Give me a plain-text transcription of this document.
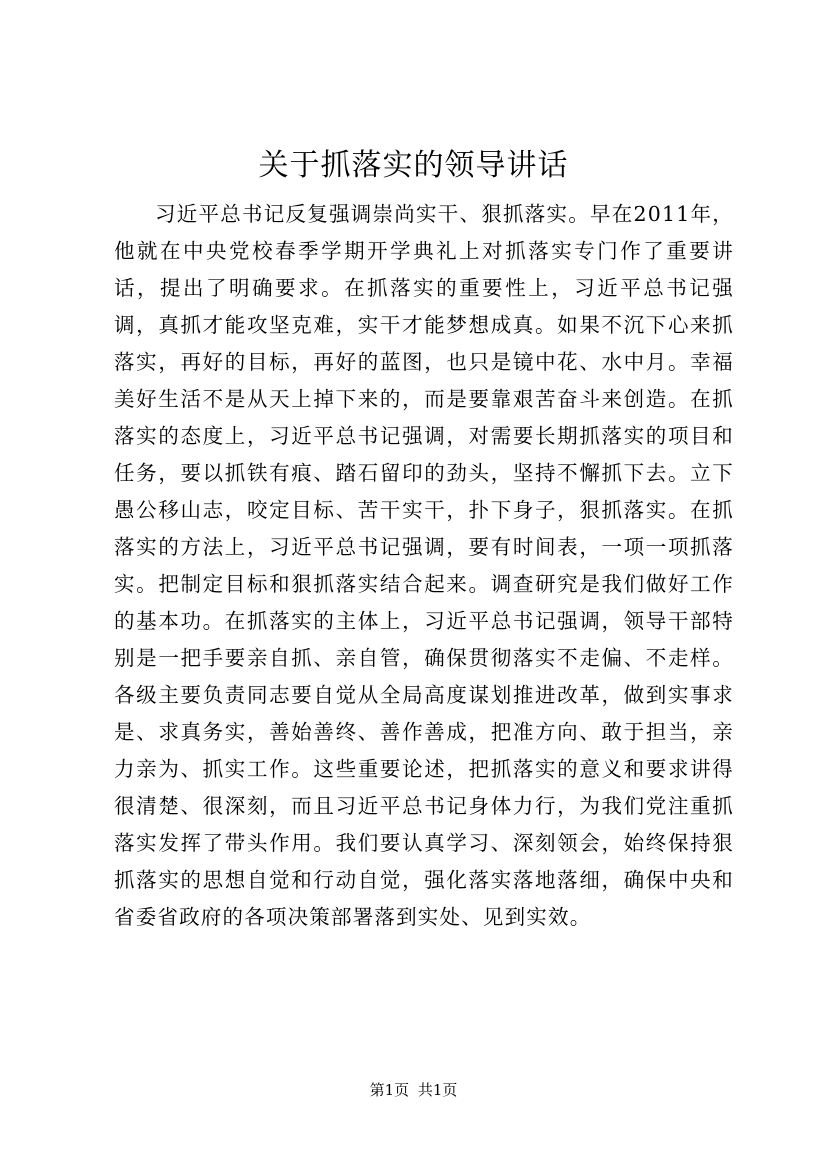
关于抓落实的领导讲话

习近平总书记反复强调崇尚实干、狠抓落实。早在2011年，他就在中央党校春季学期开学典礼上对抓落实专门作了重要讲话，提出了明确要求。在抓落实的重要性上，习近平总书记强调，真抓才能攻坚克难，实干才能梦想成真。如果不沉下心来抓落实，再好的目标，再好的蓝图，也只是镜中花、水中月。幸福美好生活不是从天上掉下来的，而是要靠艰苦奋斗来创造。在抓落实的态度上，习近平总书记强调，对需要长期抓落实的项目和任务，要以抓铁有痕、踏石留印的劲头，坚持不懈抓下去。立下愚公移山志，咬定目标、苦干实干，扑下身子，狠抓落实。在抓落实的方法上，习近平总书记强调，要有时间表，一项一项抓落实。把制定目标和狠抓落实结合起来。调查研究是我们做好工作的基本功。在抓落实的主体上，习近平总书记强调，领导干部特别是一把手要亲自抓、亲自管，确保贯彻落实不走偏、不走样。各级主要负责同志要自觉从全局高度谋划推进改革，做到实事求是、求真务实，善始善终、善作善成，把准方向、敢于担当，亲力亲为、抓实工作。这些重要论述，把抓落实的意义和要求讲得很清楚、很深刻，而且习近平总书记身体力行，为我们党注重抓落实发挥了带头作用。我们要认真学习、深刻领会，始终保持狠抓落实的思想自觉和行动自觉，强化落实落地落细，确保中央和省委省政府的各项决策部署落到实处、见到实效。

第1页 共1页
